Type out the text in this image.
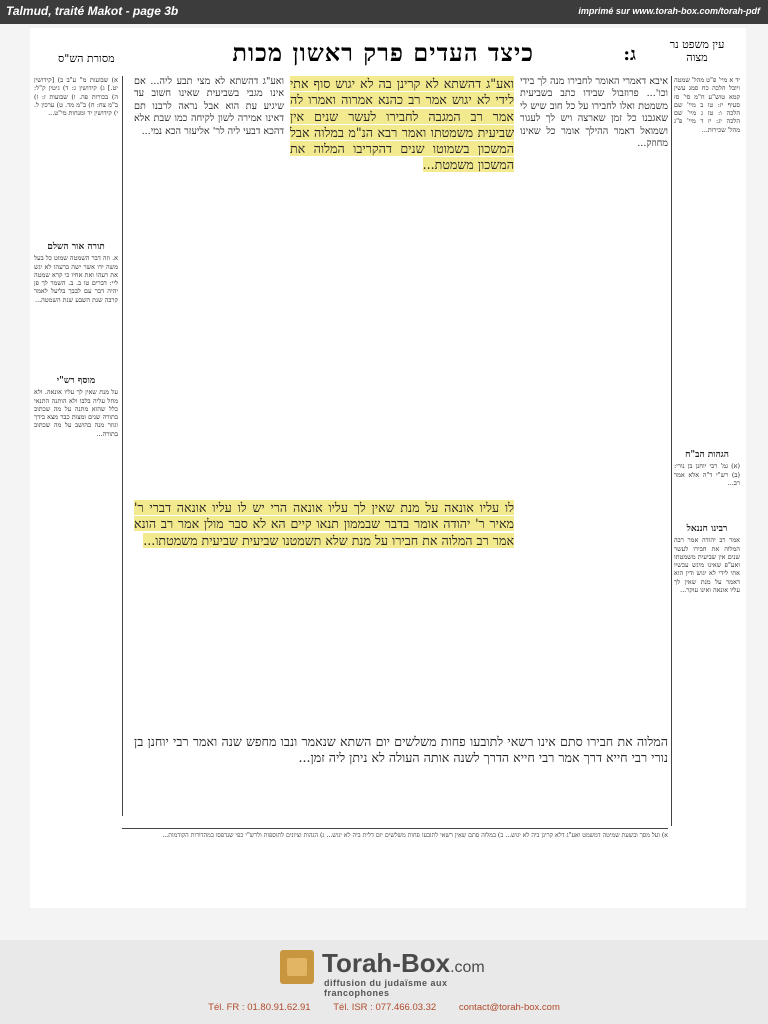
Talmud, traité Makot - page 3b	imprimé sur www.torah-box.com/torah-pdf
עין משפט נר מצוה
ג:
כיצד העדים פרק ראשון מכות
מסורת הש"ס
יד א מיי' פ"ט מהל' שמטה ויובל הלכה כח סמג עשין קמא טוש"ע ח"מ סי' סז סעיף יז: טו ב מיי' שם הלכה ו: טז ג מיי' שם הלכה יג: יז ד מיי' פ"ג מהל' שכירות...
הגהות הב"ח
(א) גמ' רבי יוחנן בן נורי: (ב) רש"י ד"ה אלא אמר רב...
רבינו חננאל
אמר רב יהודה אמר רבה המלוה את חבירו לעשר שנים אין שביעית משמטתו ואע"פ שאינו מיגש עכשיו אתי לידי לא יגוש ודין הוא דאמר על מנת שאין לך עליו אונאה ואינו עוקר...
איבא דאמרי האומר לחבירו מנה לך בידי וכו'... פרוזבול שבידו כתב בשביעית משמטת ואלו לחבירו על כל חוב שיש לי שאגבנו כל זמן שארצה ויש לך לעגור ושמואל דאמר ההילך אומר כל שאינו מחוזק...
ואע"ג דהשתא לא קרינן בה לא יגוש סוף אתי לידי לא יגוש אמר רב כהנא אמרוה ואמרו לה אמר רב המגבה לחבירו לעשר שנים אין שביעית משמטתו ואמר רבא הנ"מ במלוה אבל המשכון בשמוטו שנים דהקריבו המלוה את המשכון משמטת...
ואע"ג דהשתא לא מצי תבע ליה... אם אינו מגבי בשביעית שאינו חשוב עד שיגיע עת הוא אבל נראה לרבנו תם דאינו אמירה לשון לקיחה כמו שבת אלא דהכא דבעי ליה לר' אליעזר הכא נמי...
א) שבועות מ" ע"ב ב) [קידושין יט.] ג) קידושין ג: ד) גיטין ק"ל: ה) בכורות פה. ו) שבועות ז: ז) ב"מ צח: ח) ב"מ מד. ט) ערכין ל. י) קידושין יד ומנחות מי"ט...
תורה אור השלם
א. וזה דבר השמטה שמוט כל בעל משה ידו אשר ישה ברעהו לא יגש את רעהו ואת אחיו כי קרא שמטה ליי: דברים טו ב. ב. השמר לך פן יהיה דבר עם לבבך בליעל לאמר קרבה שנת השבע שנת השמטה...
מוסף רש"י
על מנת שאין לך עליו אונאה. ולא מחל עליה בלבו ולא הותנה התנאי כלל שהוא מתנה על מה שכתוב בתורה שנים ומצות כבר מצא בידך וגוזר מנה בהושב על מה שכתוב בתורה...
לו עליו אונאה על מנת שאין לך עליו אונאה הרי יש לו עליו אונאה דברי ר' מאיר ר' יהודה אומר בדבר שבממון תנאו קיים הא לא סבר מולן אמר רב הונא אמר רב המלוה את חבירו על מנת שלא תשמטנו שביעית שביעית משמטתו...
המלוה את חבירו סתם אינו רשאי לתובעו פחות משלשים יום השתא שנאמר ונבו מחפש שנה ואמר רבי יוחנן בן נורי רבי חייא דרך אמר רבי חייא הדרך לשנה אותה העולה לא ניתן ליה זמן...
א) ועל מסך ובשעת שמיטה דמשמט ואע"ג דלא קרינן ביה לא יגוש... ב) במלוה סתם שאין רשאי לתובעו פחות משלשים יום דלית ביה לא יגוש... ג) הגהות וציונים לתוספות ולרש"י כפי שנדפסו במהדורות הקודמות...
Torah-Box.com
diffusion du judaïsme aux francophones
Tél. FR : 01.80.91.62.91 Tél. ISR : 077.466.03.32 contact@torah-box.com
